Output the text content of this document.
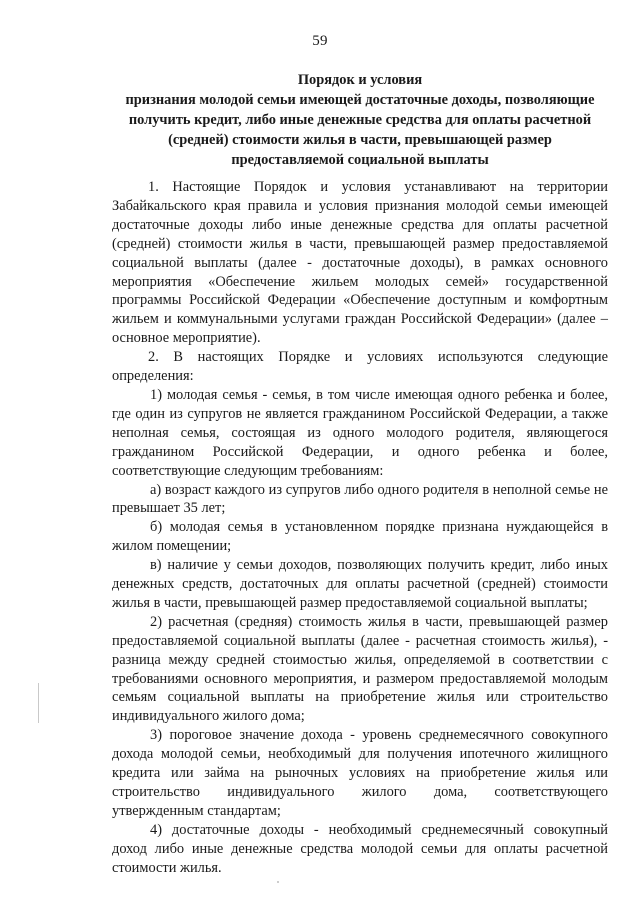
59
Порядок и условия
признания молодой семьи имеющей достаточные доходы, позволяющие
получить кредит, либо иные денежные средства для оплаты расчетной
(средней) стоимости жилья в части, превышающей размер
предоставляемой социальной выплаты

1. Настоящие Порядок и условия устанавливают на территории Забайкальского края правила и условия признания молодой семьи имеющей достаточные доходы либо иные денежные средства для оплаты расчетной (средней) стоимости жилья в части, превышающей размер предоставляемой социальной выплаты (далее - достаточные доходы), в рамках основного мероприятия «Обеспечение жильем молодых семей» государственной программы Российской Федерации «Обеспечение доступным и комфортным жильем и коммунальными услугами граждан Российской Федерации» (далее – основное мероприятие).

2. В настоящих Порядке и условиях используются следующие определения:

1) молодая семья - семья, в том числе имеющая одного ребенка и более, где один из супругов не является гражданином Российской Федерации, а также неполная семья, состоящая из одного молодого родителя, являющегося гражданином Российской Федерации, и одного ребенка и более, соответствующие следующим требованиям:

а) возраст каждого из супругов либо одного родителя в неполной семье не превышает 35 лет;

б) молодая семья в установленном порядке признана нуждающейся в жилом помещении;

в) наличие у семьи доходов, позволяющих получить кредит, либо иных денежных средств, достаточных для оплаты расчетной (средней) стоимости жилья в части, превышающей размер предоставляемой социальной выплаты;

2) расчетная (средняя) стоимость жилья в части, превышающей размер предоставляемой социальной выплаты (далее - расчетная стоимость жилья), - разница между средней стоимостью жилья, определяемой в соответствии с требованиями основного мероприятия, и размером предоставляемой молодым семьям социальной выплаты на приобретение жилья или строительство индивидуального жилого дома;

3) пороговое значение дохода - уровень среднемесячного совокупного дохода молодой семьи, необходимый для получения ипотечного жилищного кредита или займа на рыночных условиях на приобретение жилья или строительство индивидуального жилого дома, соответствующего утвержденным стандартам;

4) достаточные доходы - необходимый среднемесячный совокупный доход либо иные денежные средства молодой семьи для оплаты расчетной стоимости жилья.
